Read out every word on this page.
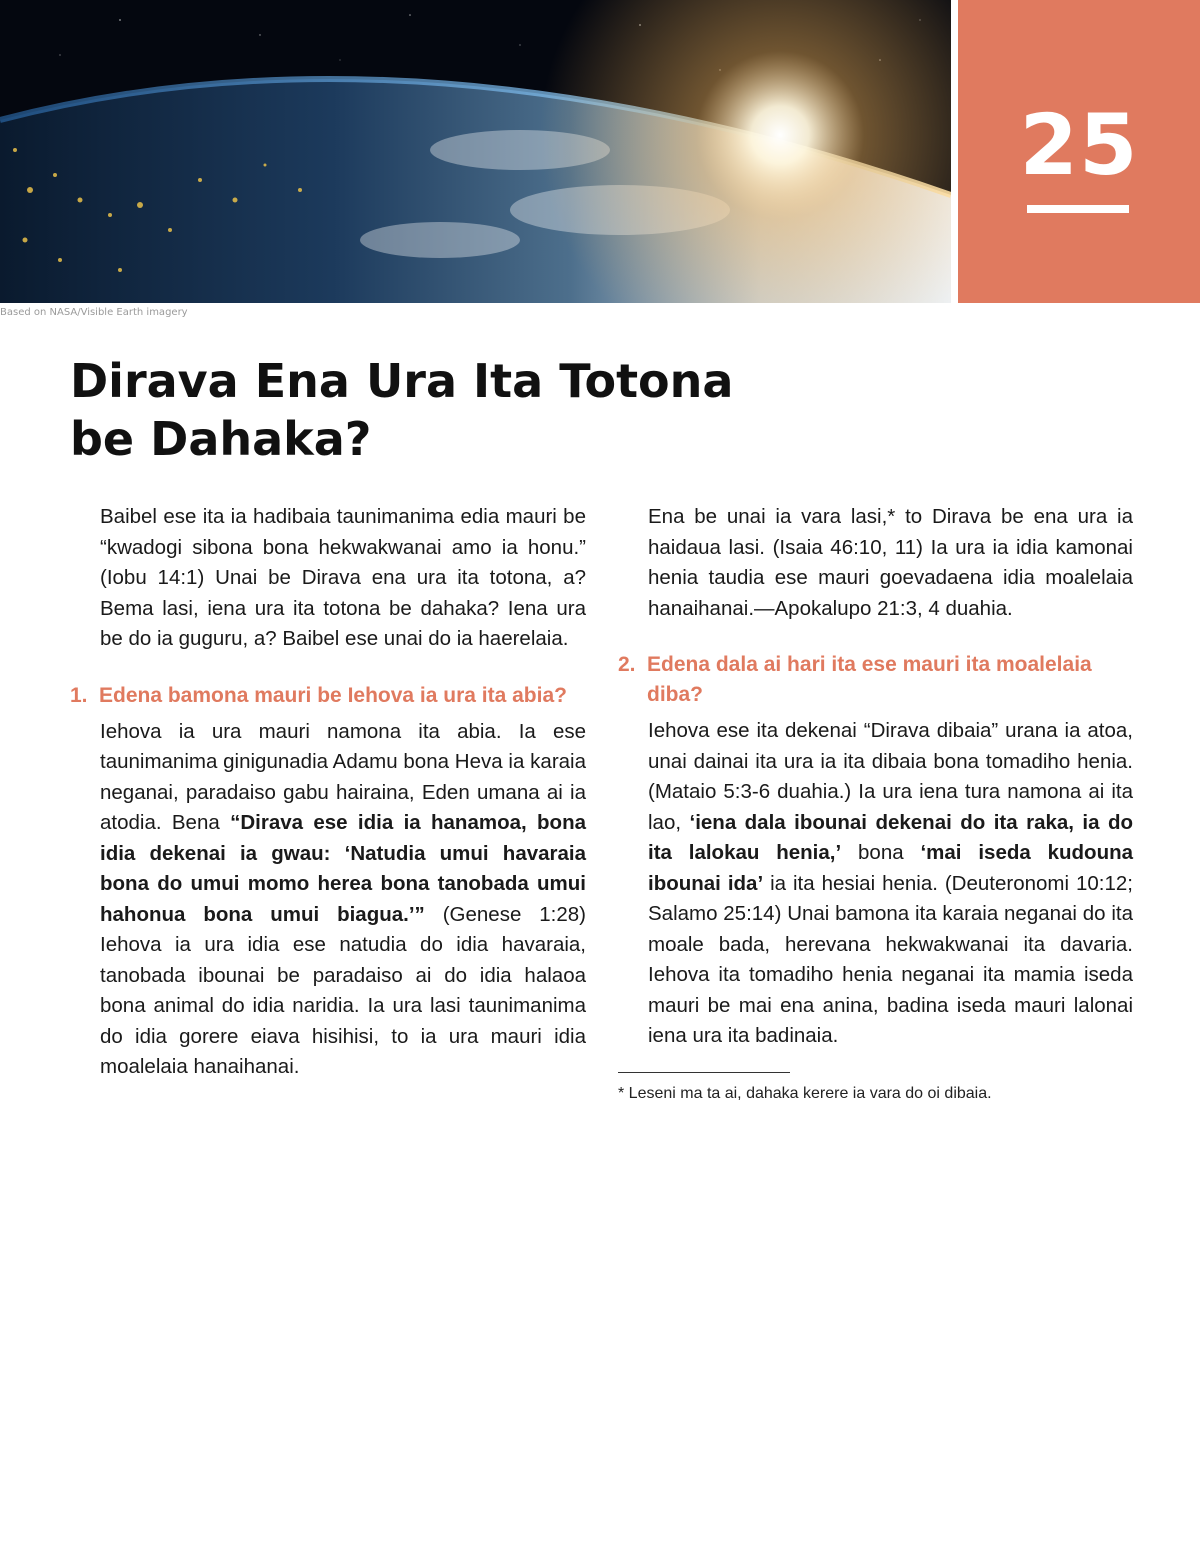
25
Based on NASA/Visible Earth imagery
Dirava Ena Ura Ita Totona
be Dahaka?

Baibel ese ita ia hadibaia taunimanima edia mauri be “kwadogi sibona bona hekwakwanai amo ia honu.” (Iobu 14:1) Unai be Dirava ena ura ita totona, a? Bema lasi, iena ura ita totona be dahaka? Iena ura be do ia guguru, a? Baibel ese unai do ia haerelaia.

1. Edena bamona mauri be Iehova ia ura ita abia?

Iehova ia ura mauri namona ita abia. Ia ese taunimanima ginigunadia Adamu bona Heva ia karaia neganai, paradaiso gabu hairaina, Eden umana ai ia atodia. Bena “Dirava ese idia ia hanamoa, bona idia dekenai ia gwau: ‘Natudia umui havaraia bona do umui momo herea bona tanobada umui hahonua bona umui biagua.’” (Genese 1:28) Iehova ia ura idia ese natudia do idia havaraia, tanobada ibounai be paradaiso ai do idia halaoa bona animal do idia naridia. Ia ura lasi taunimanima do idia gorere eiava hisihisi, to ia ura mauri idia moalelaia hanaihanai.

Ena be unai ia vara lasi,* to Dirava be ena ura ia haidaua lasi. (Isaia 46:10, 11) Ia ura ia idia kamonai henia taudia ese mauri goevadaena idia moalelaia hanaihanai.—Apokalupo 21:3, 4 duahia.

2. Edena dala ai hari ita ese mauri ita moalelaia diba?

Iehova ese ita dekenai “Dirava dibaia” urana ia atoa, unai dainai ita ura ia ita dibaia bona tomadiho henia. (Mataio 5:3-6 duahia.) Ia ura iena tura namona ai ita lao, ‘iena dala ibounai dekenai do ita raka, ia do ita lalokau henia,’ bona ‘mai iseda kudouna ibounai ida’ ia ita hesiai henia. (Deuteronomi 10:12; Salamo 25:14) Unai bamona ita karaia neganai do ita moale bada, herevana hekwakwanai ita davaria. Iehova ita tomadiho henia neganai ita mamia iseda mauri be mai ena anina, badina iseda mauri lalonai iena ura ita badinaia.

* Leseni ma ta ai, dahaka kerere ia vara do oi dibaia.
